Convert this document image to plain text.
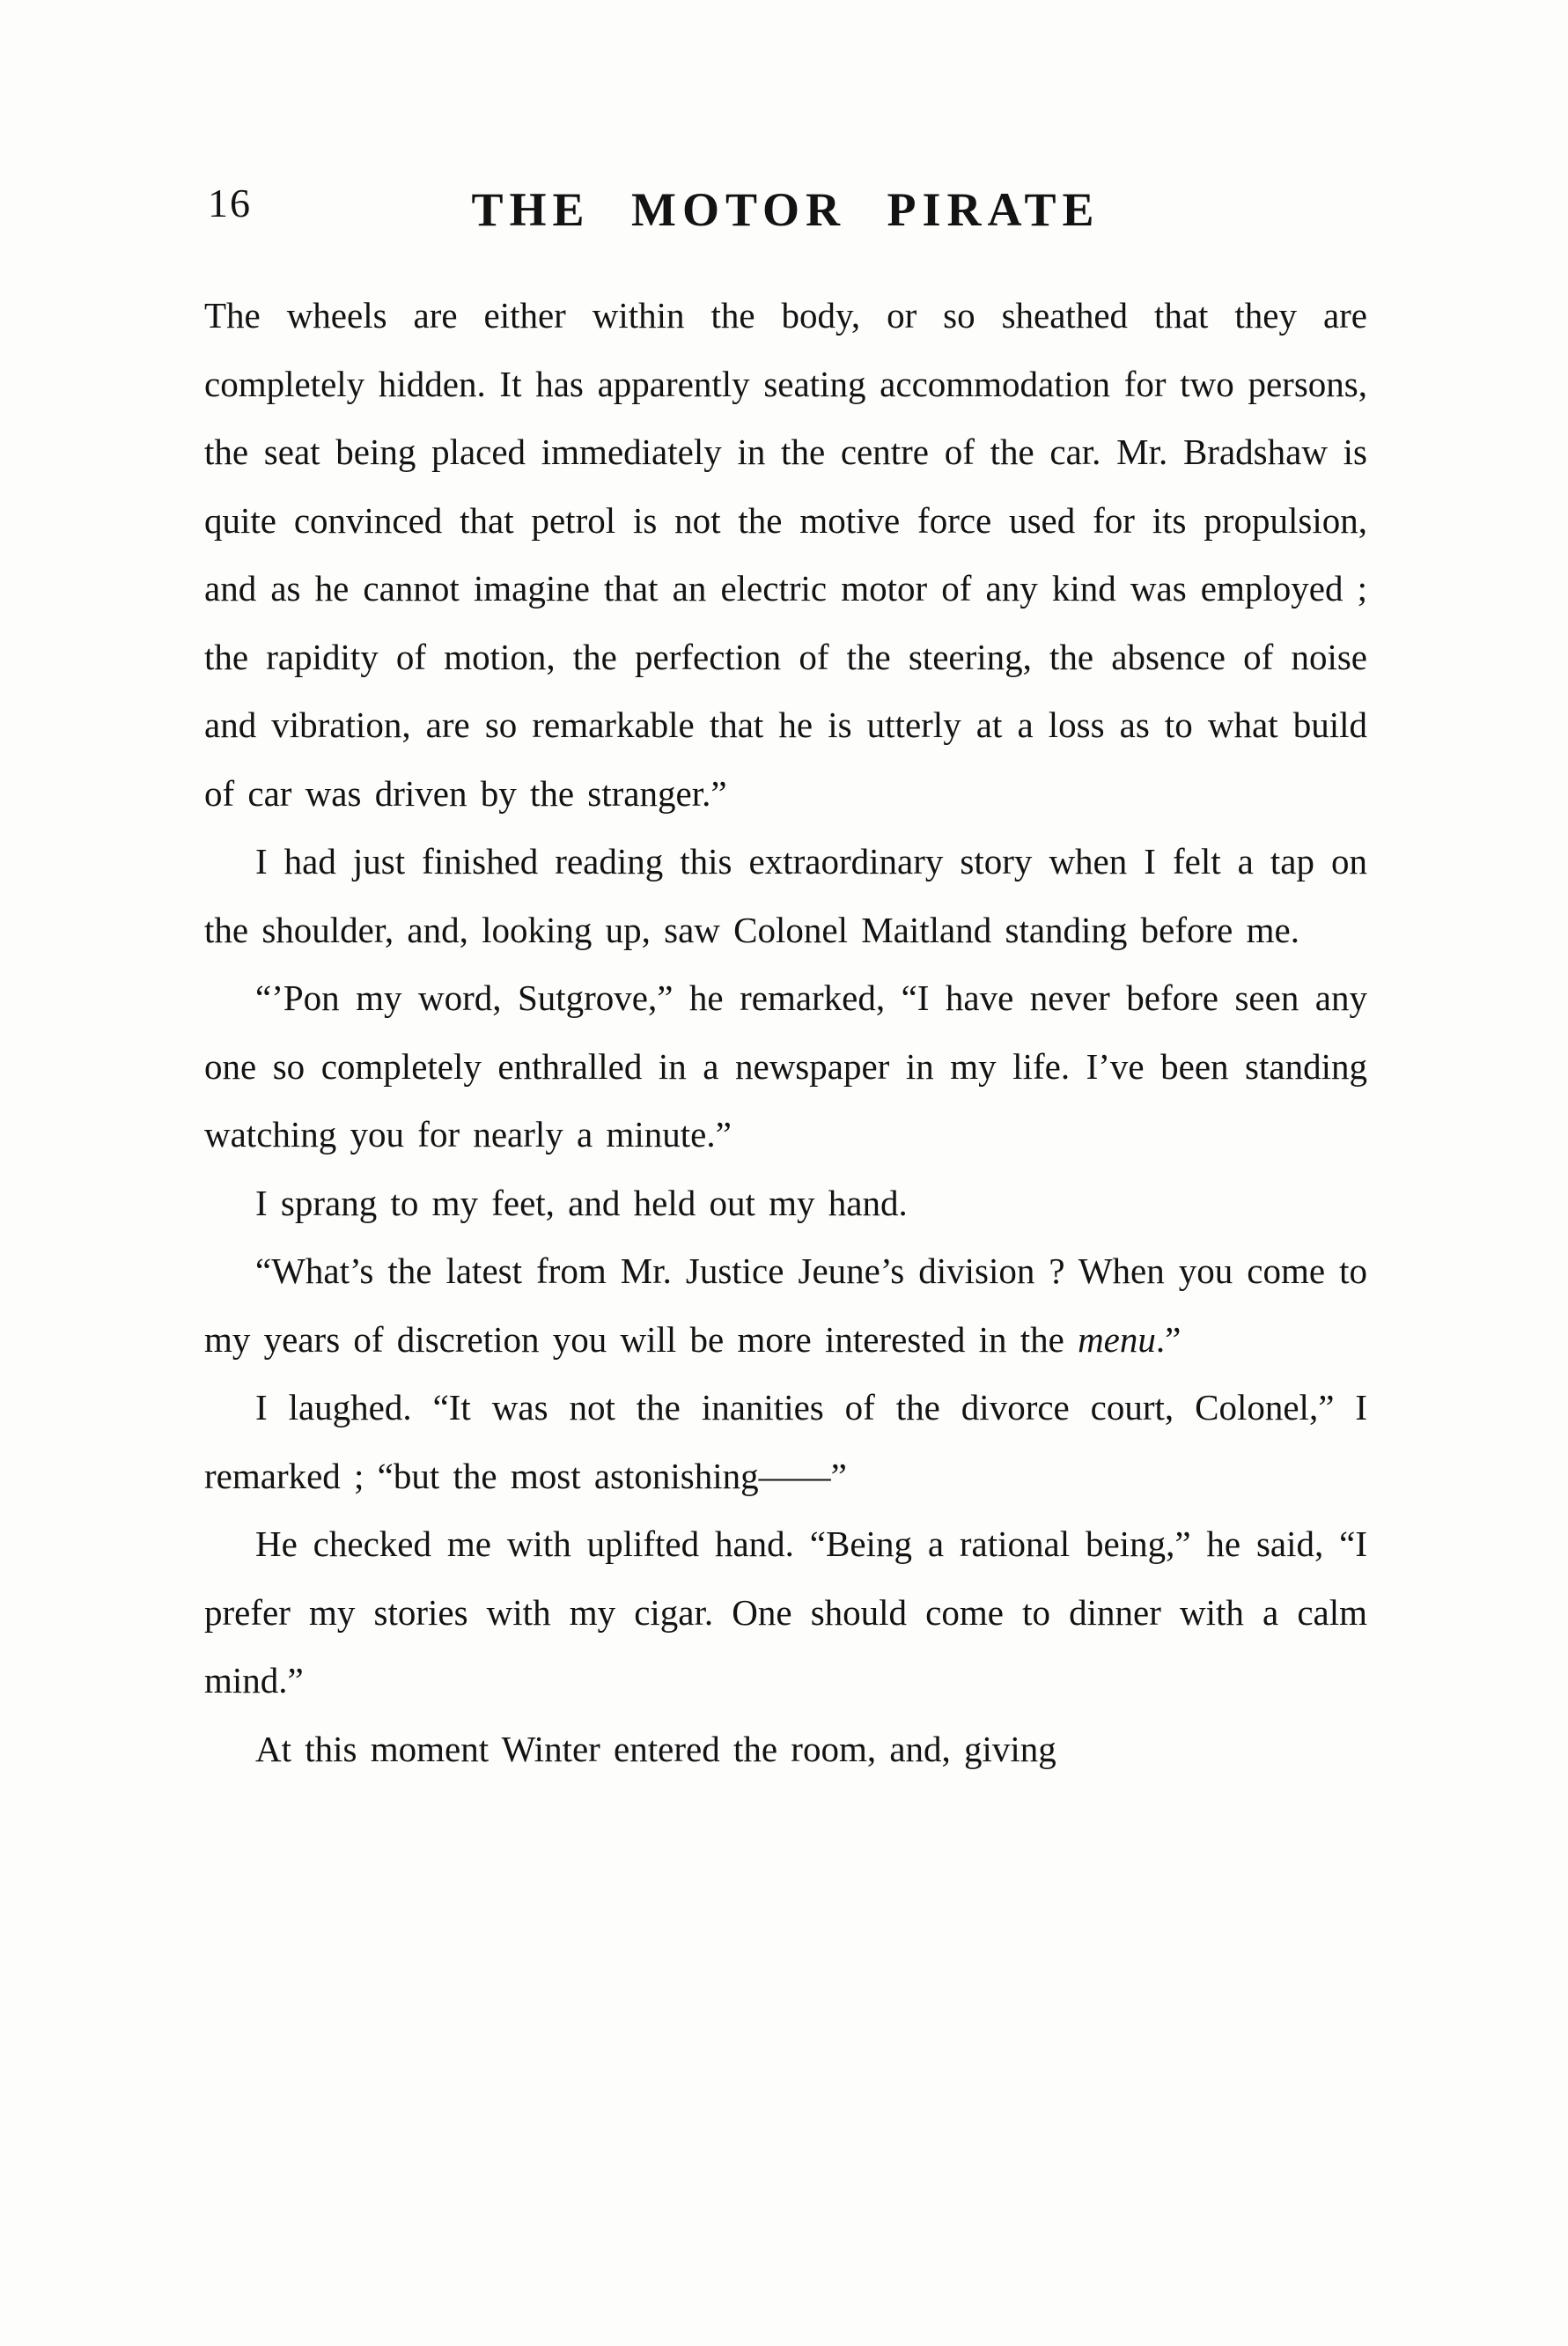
16	THE MOTOR PIRATE

The wheels are either within the body, or so sheathed that they are completely hidden. It has apparently seating accommodation for two persons, the seat being placed immediately in the centre of the car. Mr. Bradshaw is quite convinced that petrol is not the motive force used for its propulsion, and as he cannot imagine that an electric motor of any kind was employed ; the rapidity of motion, the perfection of the steering, the absence of noise and vibration, are so remarkable that he is utterly at a loss as to what build of car was driven by the stranger.”

I had just finished reading this extraordinary story when I felt a tap on the shoulder, and, looking up, saw Colonel Maitland standing before me.

“’Pon my word, Sutgrove,” he remarked, “I have never before seen any one so completely enthralled in a newspaper in my life. I’ve been standing watching you for nearly a minute.”

I sprang to my feet, and held out my hand.

“What’s the latest from Mr. Justice Jeune’s division ? When you come to my years of discretion you will be more interested in the menu.”

I laughed. “It was not the inanities of the divorce court, Colonel,” I remarked ; “but the most astonishing——”

He checked me with uplifted hand. “Being a rational being,” he said, “I prefer my stories with my cigar. One should come to dinner with a calm mind.”

At this moment Winter entered the room, and, giving
